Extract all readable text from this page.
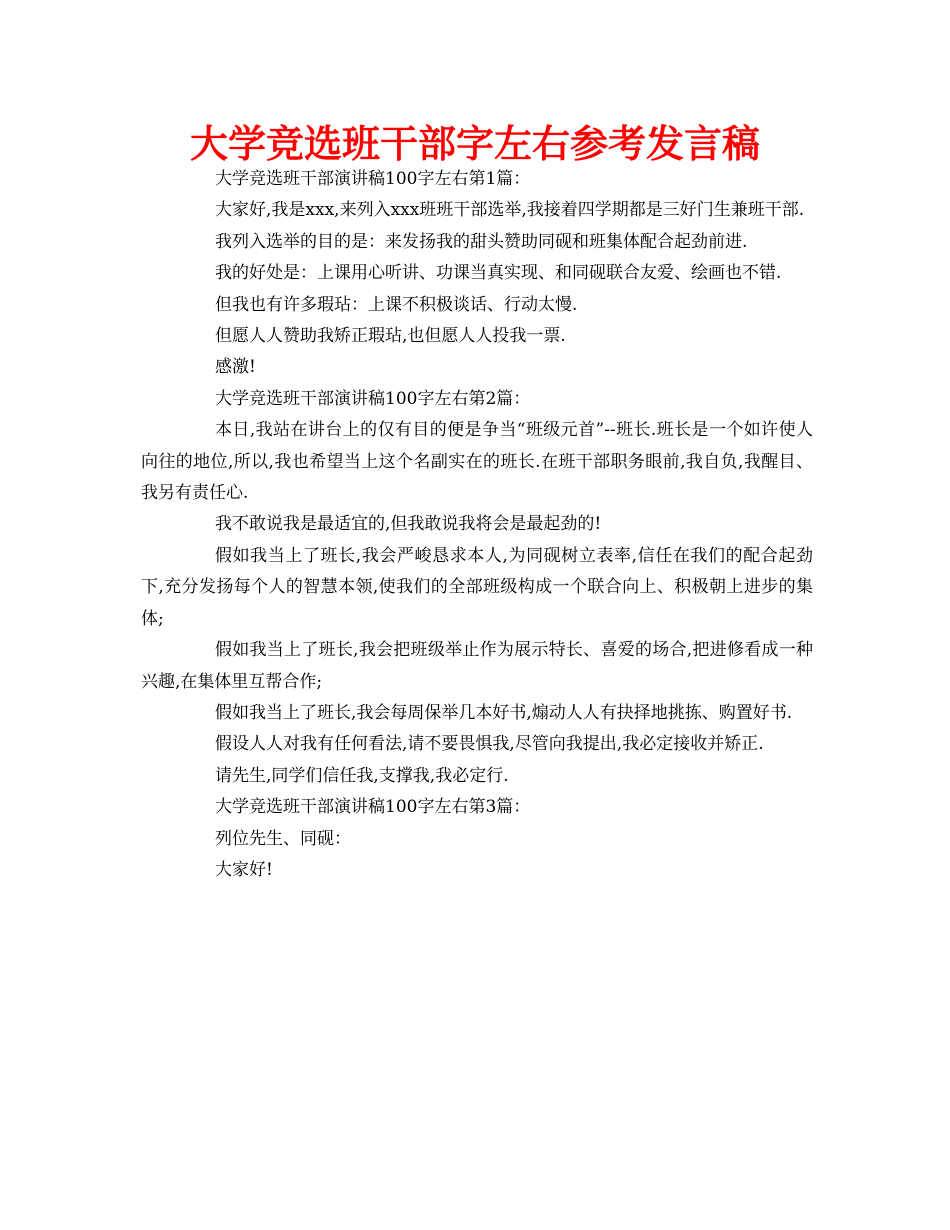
大学竞选班干部字左右参考发言稿

大学竞选班干部演讲稿100字左右第1篇：

大家好,我是xxx,来列入xxx班班干部选举,我接着四学期都是三好门生兼班干部.

我列入选举的目的是：来发扬我的甜头赞助同砚和班集体配合起劲前进.

我的好处是：上课用心听讲、功课当真实现、和同砚联合友爱、绘画也不错.

但我也有许多瑕玷：上课不积极谈话、行动太慢.

但愿人人赞助我矫正瑕玷,也但愿人人投我一票.

感激!

大学竞选班干部演讲稿100字左右第2篇：

本日,我站在讲台上的仅有目的便是争当“班级元首”--班长.班长是一个如许使人向往的地位,所以,我也希望当上这个名副实在的班长.在班干部职务眼前,我自负,我醒目、我另有责任心.

我不敢说我是最适宜的,但我敢说我将会是最起劲的!

假如我当上了班长,我会严峻恳求本人,为同砚树立表率,信任在我们的配合起劲下,充分发扬每个人的智慧本领,使我们的全部班级构成一个联合向上、积极朝上进步的集体;

假如我当上了班长,我会把班级举止作为展示特长、喜爱的场合,把进修看成一种兴趣,在集体里互帮合作;

假如我当上了班长,我会每周保举几本好书,煽动人人有抉择地挑拣、购置好书.

假设人人对我有任何看法,请不要畏惧我,尽管向我提出,我必定接收并矫正.

请先生,同学们信任我,支撑我,我必定行.

大学竞选班干部演讲稿100字左右第3篇：

列位先生、同砚：

大家好!
